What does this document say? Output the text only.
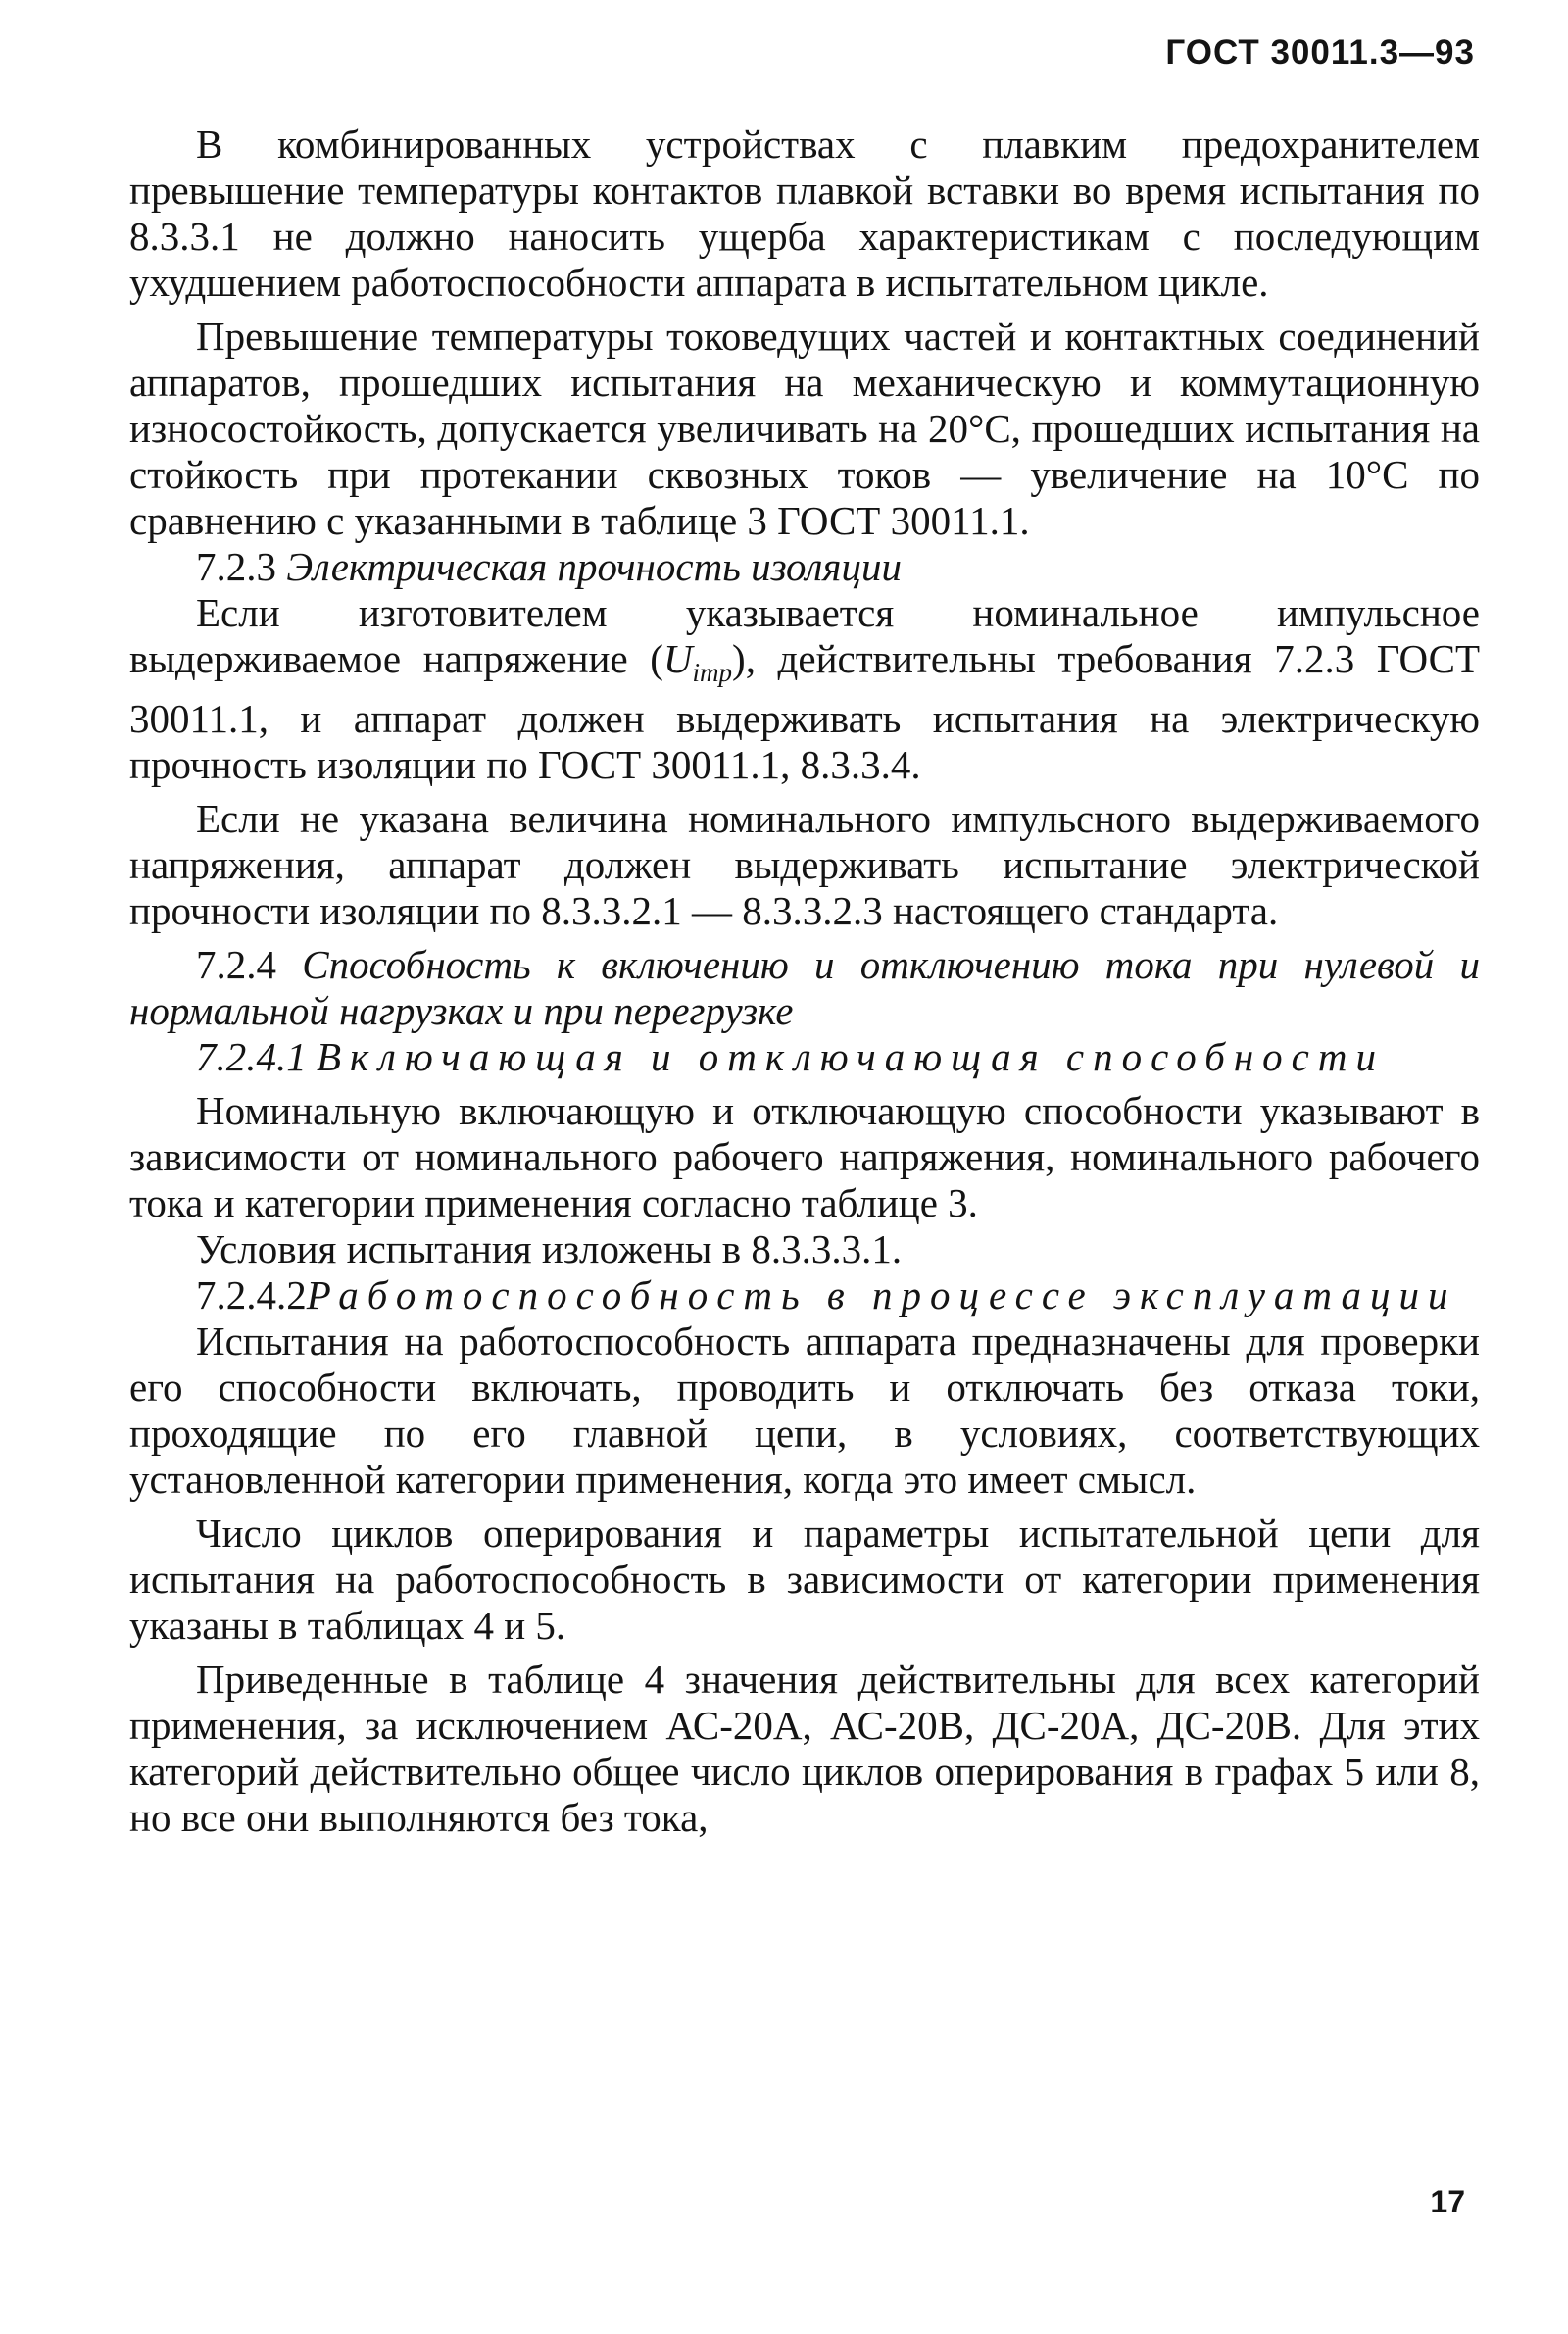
ГОСТ 30011.3—93

В комбинированных устройствах с плавким предохранителем превышение температуры контактов плавкой вставки во время испытания по 8.3.3.1 не должно наносить ущерба характеристикам с последующим ухудшением работоспособности аппарата в испытательном цикле.

Превышение температуры токоведущих частей и контактных соединений аппаратов, прошедших испытания на механическую и коммутационную износостойкость, допускается увеличивать на 20°С, прошедших испытания на стойкость при протекании сквозных токов — увеличение на 10°С по сравнению с указанными в таблице 3 ГОСТ 30011.1.

7.2.3 Электрическая прочность изоляции

Если изготовителем указывается номинальное импульсное выдерживаемое напряжение $(U_{imp})$, действительны требования 7.2.3 ГОСТ 30011.1, и аппарат должен выдерживать испытания на электрическую прочность изоляции по ГОСТ 30011.1, 8.3.3.4.

Если не указана величина номинального импульсного выдерживаемого напряжения, аппарат должен выдерживать испытание электрической прочности изоляции по 8.3.3.2.1 — 8.3.3.2.3 настоящего стандарта.

7.2.4 Способность к включению и отключению тока при нулевой и нормальной нагрузках и при перегрузке

7.2.4.1 Включающая и отключающая способности

Номинальную включающую и отключающую способности указывают в зависимости от номинального рабочего напряжения, номинального рабочего тока и категории применения согласно таблице 3.

Условия испытания изложены в 8.3.3.3.1.

7.2.4.2Работоспособность в процессе эксплуатации

Испытания на работоспособность аппарата предназначены для проверки его способности включать, проводить и отключать без отказа токи, проходящие по его главной цепи, в условиях, соответствующих установленной категории применения, когда это имеет смысл.

Число циклов оперирования и параметры испытательной цепи для испытания на работоспособность в зависимости от категории применения указаны в таблицах 4 и 5.

Приведенные в таблице 4 значения действительны для всех категорий применения, за исключением АС-20А, АС-20В, ДС-20А, ДС-20В. Для этих категорий действительно общее число циклов оперирования в графах 5 или 8, но все они выполняются без тока,

17
